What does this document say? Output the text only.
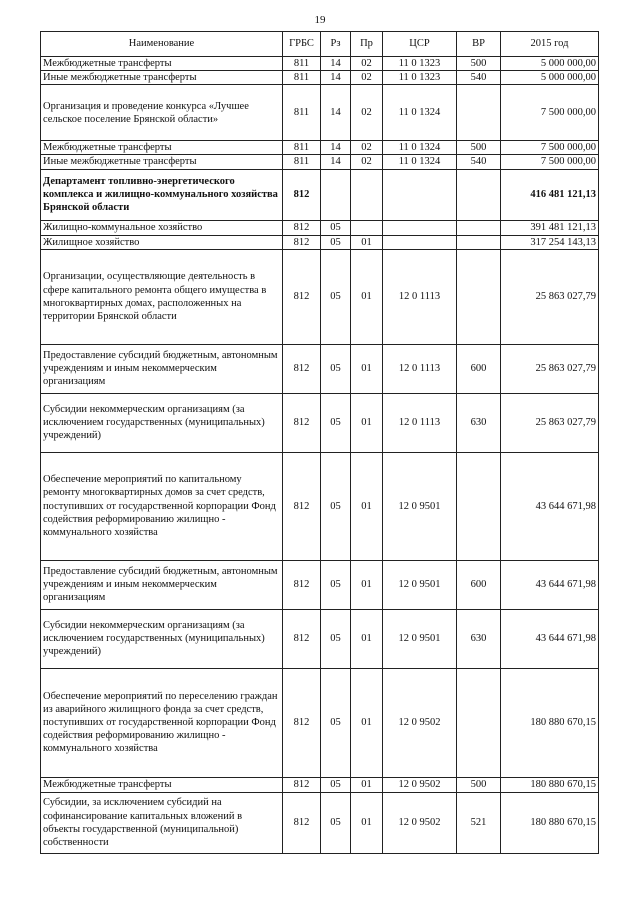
19
Наименование	ГРБС	Рз	Пр	ЦСР	ВР	2015 год
Межбюджетные трансферты	811	14	02	11 0 1323	500	5 000 000,00
Иные межбюджетные трансферты	811	14	02	11 0 1323	540	5 000 000,00
Организация и проведение конкурса «Лучшее сельское поселение Брянской области»	811	14	02	11 0 1324		7 500 000,00
Межбюджетные трансферты	811	14	02	11 0 1324	500	7 500 000,00
Иные межбюджетные трансферты	811	14	02	11 0 1324	540	7 500 000,00
Департамент топливно-энергетического комплекса и жилищно-коммунального хозяйства Брянской области	812					416 481 121,13
Жилищно-коммунальное хозяйство	812	05				391 481 121,13
Жилищное хозяйство	812	05	01			317 254 143,13
Организации, осуществляющие деятельность в сфере капитального ремонта общего имущества в многоквартирных домах, расположенных на территории Брянской области	812	05	01	12 0 1113		25 863 027,79
Предоставление субсидий бюджетным, автономным учреждениям и иным некоммерческим организациям	812	05	01	12 0 1113	600	25 863 027,79
Субсидии некоммерческим организациям (за исключением государственных (муниципальных) учреждений)	812	05	01	12 0 1113	630	25 863 027,79
Обеспечение мероприятий по капитальному ремонту многоквартирных домов за счет средств, поступивших от государственной корпорации Фонд содействия реформированию жилищно - коммунального хозяйства	812	05	01	12 0 9501		43 644 671,98
Предоставление субсидий бюджетным, автономным учреждениям и иным некоммерческим организациям	812	05	01	12 0 9501	600	43 644 671,98
Субсидии некоммерческим организациям (за исключением государственных (муниципальных) учреждений)	812	05	01	12 0 9501	630	43 644 671,98
Обеспечение мероприятий по переселению граждан из аварийного жилищного фонда за счет средств, поступивших от государственной корпорации Фонд содействия реформированию жилищно - коммунального хозяйства	812	05	01	12 0 9502		180 880 670,15
Межбюджетные трансферты	812	05	01	12 0 9502	500	180 880 670,15
Субсидии, за исключением субсидий на софинансирование капитальных вложений в объекты государственной (муниципальной) собственности	812	05	01	12 0 9502	521	180 880 670,15
